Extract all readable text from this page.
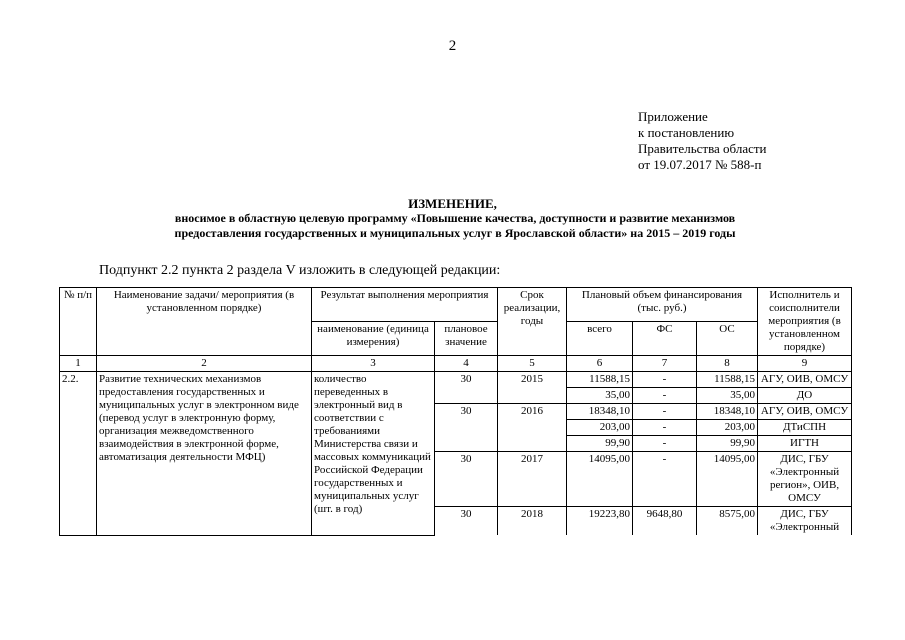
2
Приложение
к постановлению
Правительства области
от 19.07.2017 № 588-п
ИЗМЕНЕНИЕ,
вносимое в областную целевую программу «Повышение качества, доступности и развитие механизмов
предоставления государственных и муниципальных услуг в Ярославской области» на 2015 – 2019 годы
Подпункт 2.2 пункта 2 раздела V изложить в следующей редакции:
№ п/п	Наименование задачи/ мероприятия (в установленном порядке)	Результат выполнения мероприятия		Срок реализации, годы	Плановый объем финансирования (тыс. руб.)			Исполнитель и соисполнители мероприятия (в установленном порядке)
		наименование (единица измерения)	плановое значение		всего	ФС	ОС	
1	2	3	4	5	6	7	8	9
2.2.	Развитие технических механизмов предоставления государственных и муниципальных услуг в электронном виде (перевод услуг в электронную форму, организация межведомственного взаимодействия в электронной форме, автоматизация деятельности МФЦ)	количество переведенных в электронный вид в соответствии с требованиями Министерства связи и массовых коммуникаций Российской Федерации государственных и муниципальных услуг (шт. в год)	30	2015	11588,15	-	11588,15	АГУ, ОИВ, ОМСУ
					35,00	-	35,00	ДО
			30	2016	18348,10	-	18348,10	АГУ, ОИВ, ОМСУ
					203,00	-	203,00	ДТиСПН
					99,90	-	99,90	ИГТН
			30	2017	14095,00	-	14095,00	ДИС, ГБУ «Электронный регион», ОИВ, ОМСУ
			30	2018	19223,80	9648,80	8575,00	ДИС, ГБУ «Электронный
